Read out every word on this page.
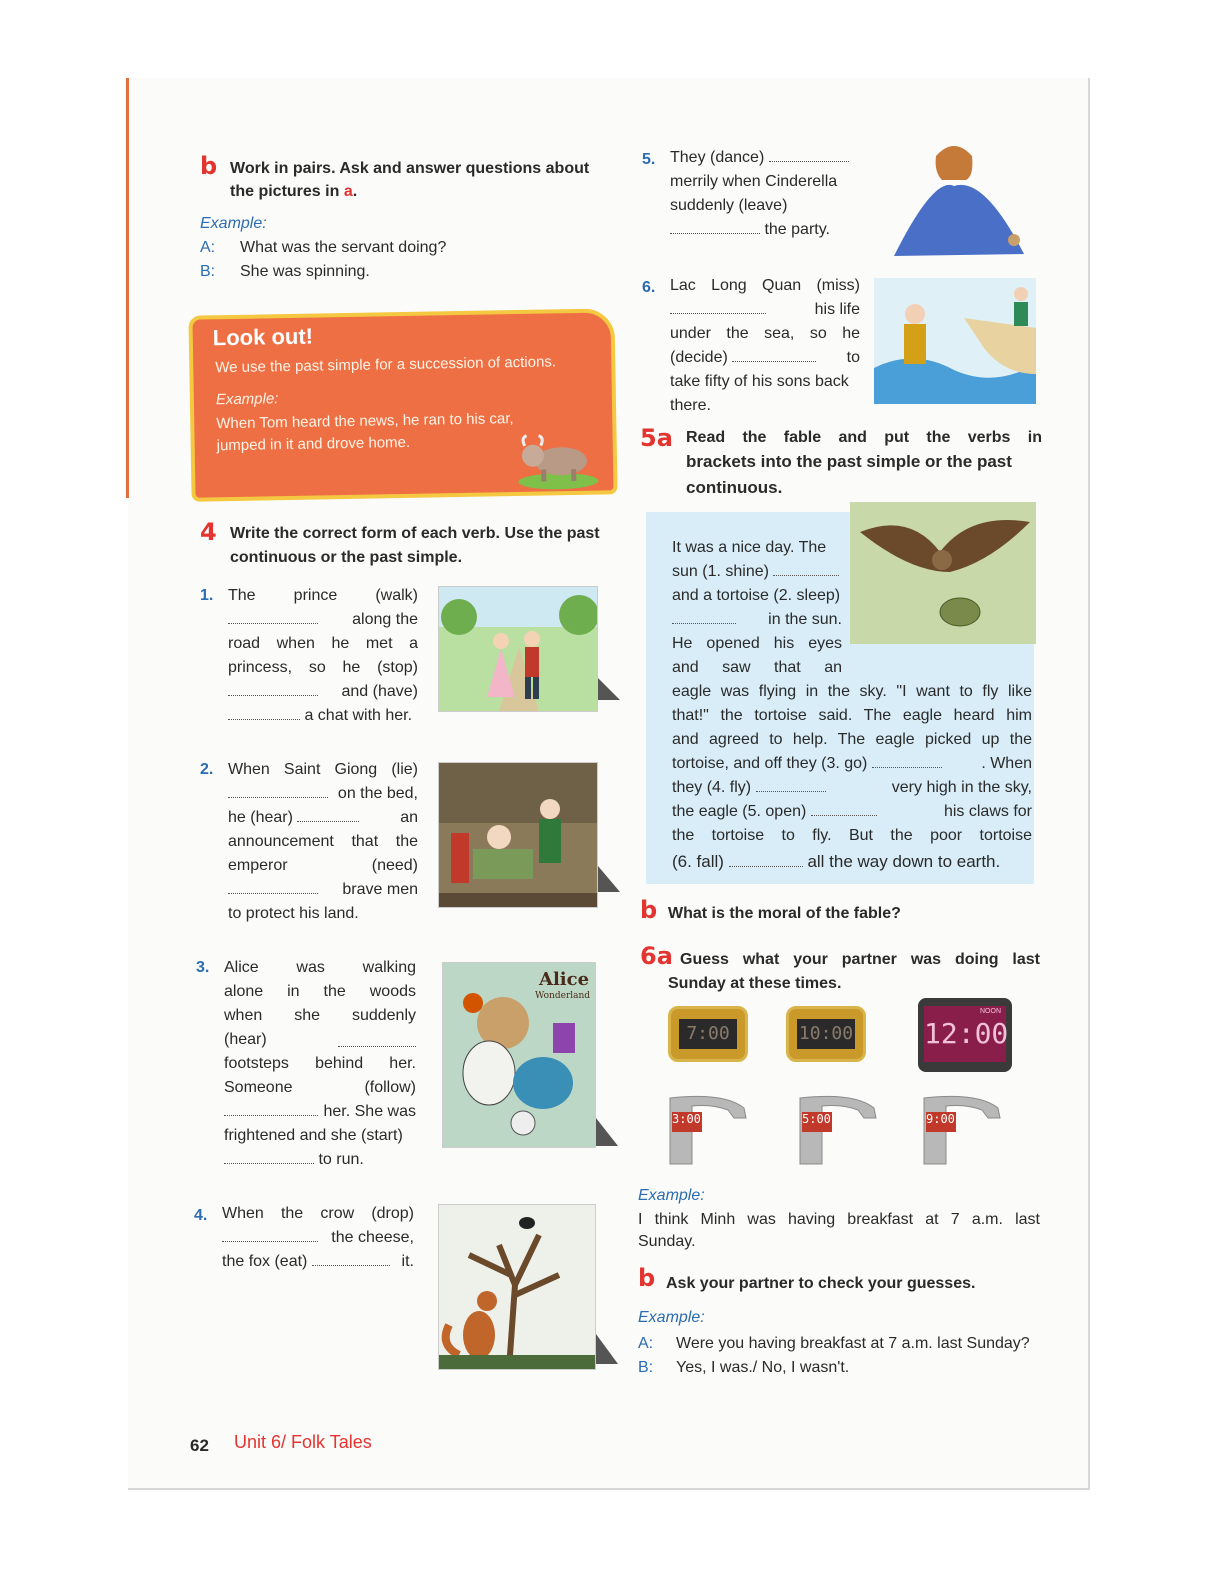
b Work in pairs. Ask and answer questions about
the pictures in a.
Example:
A: What was the servant doing?
B: She was spinning.
Look out!
We use the past simple for a succession of actions.
Example:
When Tom heard the news, he ran to his car,
jumped in it and drove home.
4 Write the correct form of each verb. Use the past
continuous or the past simple.
1. The prince (walk)
along the
road when he met a
princess, so he (stop)
and (have)
a chat with her.
2. When Saint Giong (lie)
on the bed,
he (hear)	an
announcement that the
emperor (need)
brave men
to protect his land.
3. Alice was walking
alone in the woods
when she suddenly
(hear)
footsteps behind her.
Someone (follow)
her. She was
frightened and she (start)
to run.
Alice
Wonderland
4. When the crow (drop)
the cheese,
the fox (eat)	it.
62 Unit 6/ Folk Tales
5. They (dance)
merrily when Cinderella
suddenly (leave)
the party.
6. Lac Long Quan (miss)
his life
under the sea, so he
(decide)	to
take fifty of his sons back
there.
5a Read the fable and put the verbs in
brackets into the past simple or the past
continuous.
It was a nice day. The
sun (1. shine)
and a tortoise (2. sleep)
in the sun.
He opened his eyes
and saw that an
eagle was flying in the sky. "I want to fly like
that!" the tortoise said. The eagle heard him
and agreed to help. The eagle picked up the
tortoise, and off they (3. go)	. When
they (4. fly)	very high in the sky,
the eagle (5. open)	his claws for
the tortoise to fly. But the poor tortoise
(6. fall)	all the way down to earth.
b What is the moral of the fable?
6a Guess what your partner was doing last
Sunday at these times.
7:00	10:00	12:00
NOON
3:00	5:00	9:00
Example:
I think Minh was having breakfast at 7 a.m. last
Sunday.
b Ask your partner to check your guesses.
Example:
A: Were you having breakfast at 7 a.m. last Sunday?
B: Yes, I was./ No, I wasn't.
